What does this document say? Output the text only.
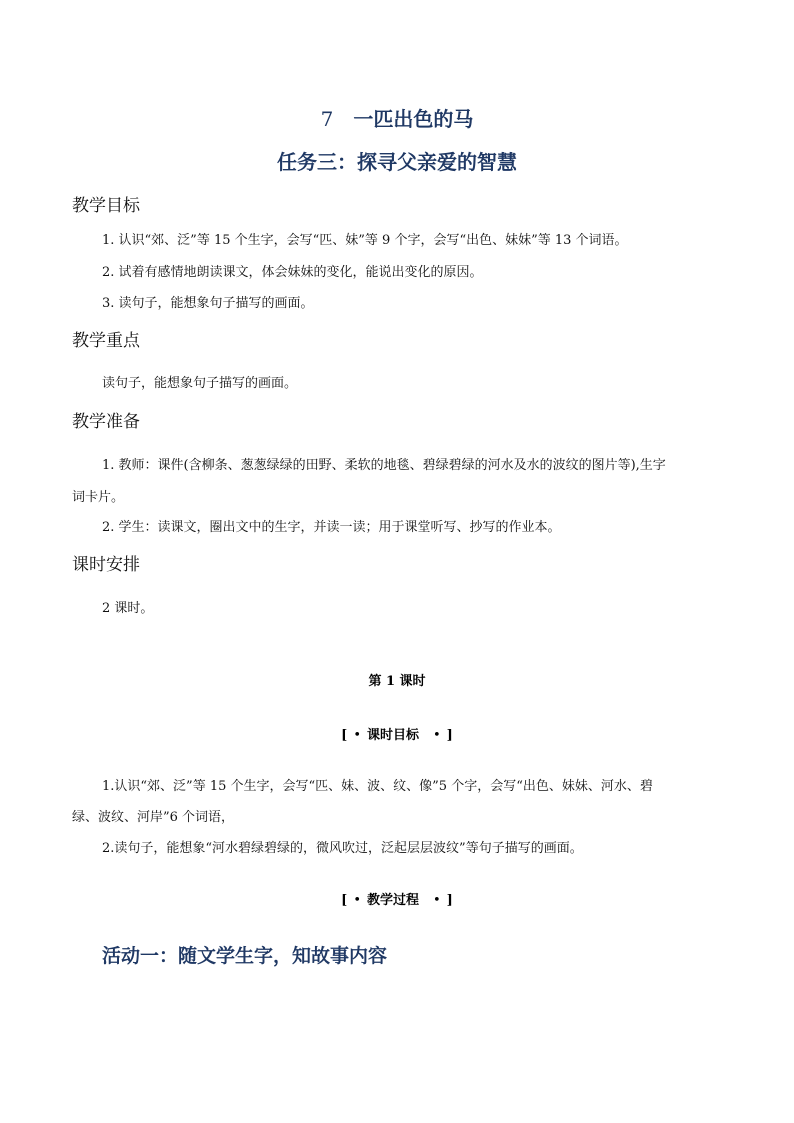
7 一匹出色的马
任务三：探寻父亲爱的智慧
教学目标
1. 认识“郊、泛”等 15 个生字，会写“匹、妹”等 9 个字，会写“出色、妹妹”等 13 个词语。
2. 试着有感情地朗读课文，体会妹妹的变化，能说出变化的原因。
3. 读句子，能想象句子描写的画面。
教学重点
读句子，能想象句子描写的画面。
教学准备
1. 教师：课件(含柳条、葱葱绿绿的田野、柔软的地毯、碧绿碧绿的河水及水的波纹的图片等),生字
词卡片。
2. 学生：读课文，圈出文中的生字，并读一读；用于课堂听写、抄写的作业本。
课时安排
2 课时。
第 1 课时
[ • 课时目标 • ]
1.认识“郊、泛”等 15 个生字，会写“匹、妹、波、纹、像”5 个字，会写“出色、妹妹、河水、碧
绿、波纹、河岸”6 个词语，
2.读句子，能想象“河水碧绿碧绿的，微风吹过，泛起层层波纹”等句子描写的画面。
[ • 教学过程 • ]
活动一：随文学生字，知故事内容
